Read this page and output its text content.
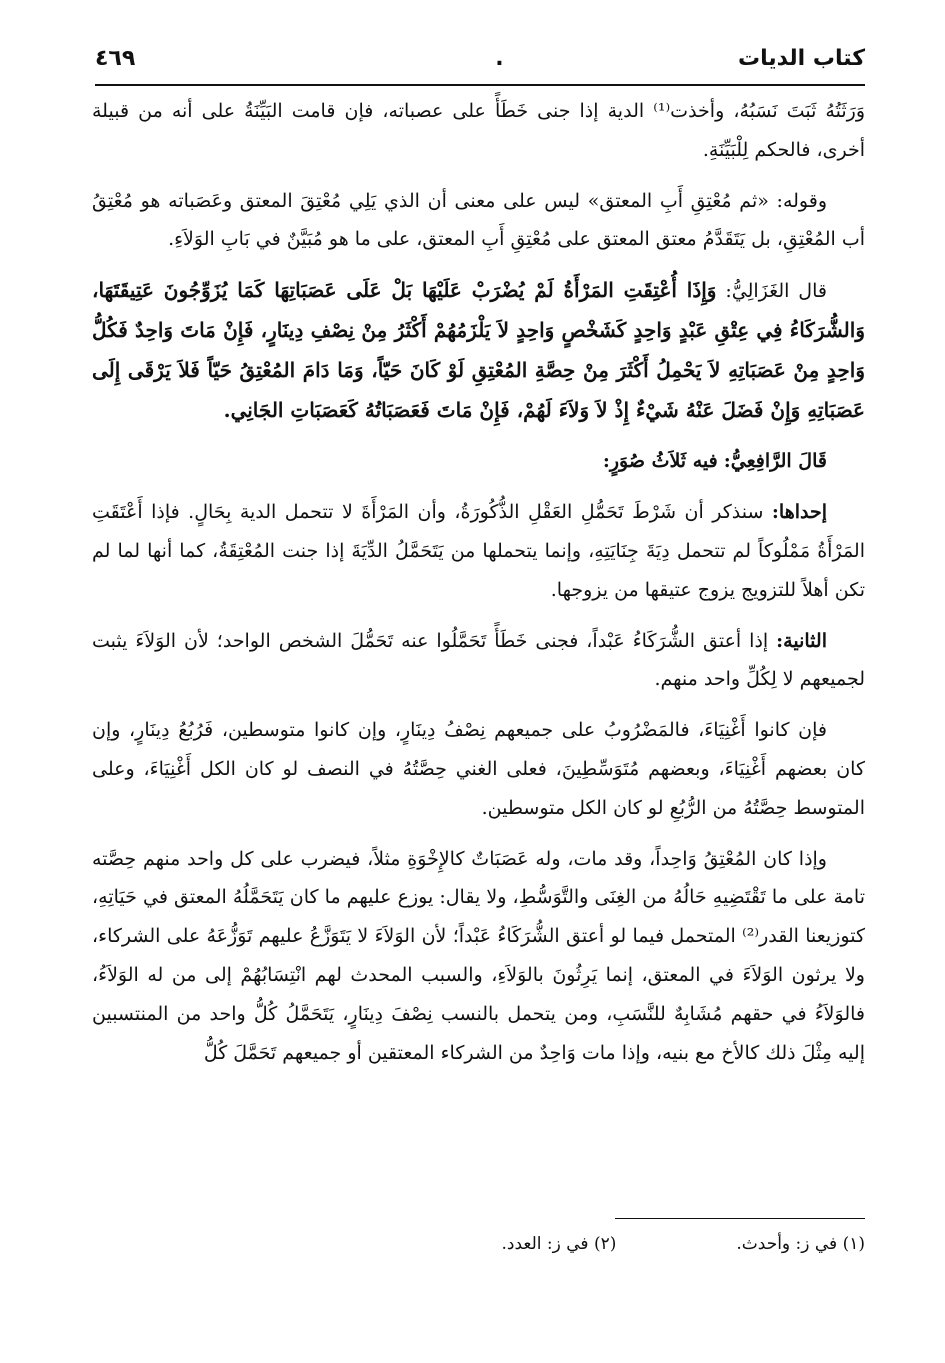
كتاب الديات
.
٤٦٩

وَرَثَتُهُ ثَبَتَ نَسَبُهُ، وأخذت⁽¹⁾ الدية إذا جنى خَطَأً على عصباته، فإن قامت البَيِّنَةُ على أنه من قبيلة أخرى، فالحكم لِلْبَيِّنَةِ.

وقوله: «ثم مُعْتِقِ أَبِ المعتق» ليس على معنى أن الذي يَلِي مُعْتِقَ المعتق وعَصَباته هو مُعْتِقُ أب المُعْتِقِ، بل يَتَقَدَّمُ معتق المعتق على مُعْتِقِ أَبِ المعتق، على ما هو مُبَيَّنٌ في بَابِ الوَلاَءِ.

قال الغَزَالِيُّ: وَإِذَا أُعْتِقَتِ المَرْأَةُ لَمْ يُضْرَبْ عَلَيْهَا بَلْ عَلَى عَصَبَاتِهَا كَمَا يُزَوِّجُونَ عَتِيقَتَهَا، وَالشُّرَكَاءُ فِي عِتْقِ عَبْدٍ وَاحِدٍ كَشَخْصٍ وَاحِدٍ لاَ يَلْزَمُهُمْ أَكْثَرُ مِنْ نِصْفِ دِينَارٍ، فَإِنْ مَاتَ وَاحِدٌ فَكُلُّ وَاحِدٍ مِنْ عَصَبَاتِهِ لاَ يَحْمِلُ أَكْثَرَ مِنْ حِصَّةِ المُعْتِقِ لَوْ كَانَ حَيّاً، وَمَا دَامَ المُعْتِقُ حَيّاً فَلاَ يَرْقَى إِلَى عَصَبَاتِهِ وَإِنْ فَضَلَ عَنْهُ شَيْءٌ إِذْ لاَ وَلاَءَ لَهُمْ، فَإِنْ مَاتَ فَعَصَبَاتُهُ كَعَصَبَاتِ الجَانِي.

قَالَ الرَّافِعِيُّ: فيه ثَلاَثُ صُوَرٍ:

إحداها: سنذكر أن شَرْطَ تَحَمُّلِ العَقْلِ الذُّكُورَةُ، وأن المَرْأَةَ لا تتحمل الدية بِحَالٍ. فإذا أَعْتَقَتِ المَرْأَةُ مَمْلُوكاً لم تتحمل دِيَةَ جِنَايَتِهِ، وإنما يتحملها من يَتَحَمَّلُ الدِّيَةَ إذا جنت المُعْتِقَةُ، كما أنها لما لم تكن أهلاً للتزويج يزوج عتيقها من يزوجها.

الثانية: إذا أعتق الشُّرَكَاءُ عَبْداً، فجنى خَطَأً تَحَمَّلُوا عنه تَحَمُّلَ الشخص الواحد؛ لأن الوَلاَءَ يثبت لجميعهم لا لِكُلِّ واحد منهم.

فإن كانوا أَغْنِيَاءَ، فالمَضْرُوبُ على جميعهم نِصْفُ دِينَارٍ، وإن كانوا متوسطين، فَرُبُعُ دِينَارٍ، وإن كان بعضهم أَغْنِيَاءَ، وبعضهم مُتَوَسِّطِينَ، فعلى الغني حِصَّتُهُ في النصف لو كان الكل أَغْنِيَاءَ، وعلى المتوسط حِصَّتُهُ من الرُّبُعِ لو كان الكل متوسطين.

وإذا كان المُعْتِقُ وَاحِداً، وقد مات، وله عَصَبَاتٌ كالإِخْوَةِ مثلاً، فيضرب على كل واحد منهم حِصَّته تامة على ما تَقْتَضِيهِ حَالُهُ من الغِنَى والتَّوَسُّطِ، ولا يقال: يوزع عليهم ما كان يَتَحَمَّلُهُ المعتق في حَيَاتِهِ، كتوزيعنا القدر⁽²⁾ المتحمل فيما لو أعتق الشُّرَكَاءُ عَبْداً؛ لأن الوَلاَءَ لا يَتَوَزَّعُ عليهم تَوَزُّعَهُ على الشركاء، ولا يرثون الوَلاَءَ في المعتق، إنما يَرِثُونَ بالوَلاَءِ، والسبب المحدث لهم انْتِسَابُهُمْ إلى من له الوَلاَءُ، فالوَلاَءُ في حقهم مُشَابِهٌ للنَّسَبِ، ومن يتحمل بالنسب نِصْفَ دِينَارٍ، يَتَحَمَّلُ كُلُّ واحد من المنتسبين إليه مِثْلَ ذلك كالأخ مع بنيه، وإذا مات وَاحِدٌ من الشركاء المعتقين أو جميعهم تَحَمَّلَ كُلُّ

(١) في ز: وأحدث.
(٢) في ز: العدد.
